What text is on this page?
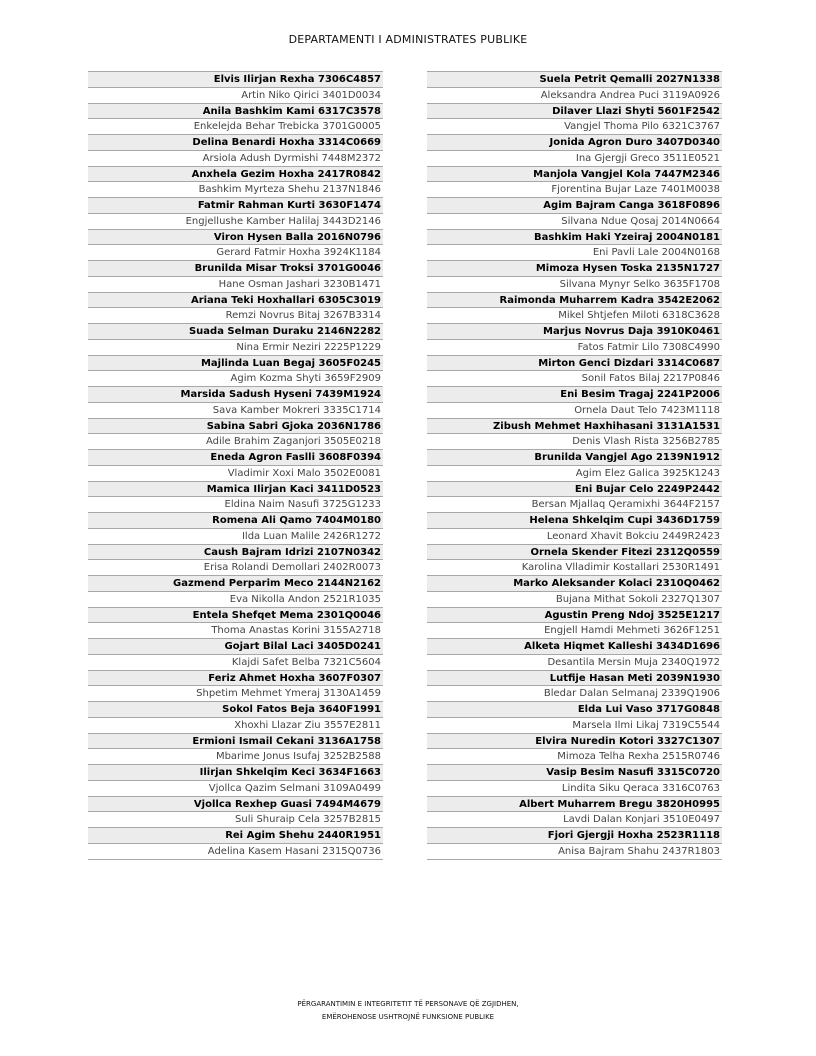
DEPARTAMENTI I ADMINISTRATES PUBLIKE
Elvis Ilirjan Rexha 7306C4857
Artin Niko Qirici 3401D0034
Anila Bashkim Kami 6317C3578
Enkelejda Behar Trebicka 3701G0005
Delina Benardi Hoxha 3314C0669
Arsiola Adush Dyrmishi 7448M2372
Anxhela Gezim Hoxha 2417R0842
Bashkim Myrteza Shehu 2137N1846
Fatmir Rahman Kurti 3630F1474
Engjellushe Kamber Halilaj 3443D2146
Viron Hysen Balla 2016N0796
Gerard Fatmir Hoxha 3924K1184
Brunilda Misar Troksi 3701G0046
Hane Osman Jashari 3230B1471
Ariana Teki Hoxhallari 6305C3019
Remzi Novrus Bitaj 3267B3314
Suada Selman Duraku 2146N2282
Nina Ermir Neziri 2225P1229
Majlinda Luan Begaj 3605F0245
Agim Kozma Shyti 3659F2909
Marsida Sadush Hyseni 7439M1924
Sava Kamber Mokreri 3335C1714
Sabina Sabri Gjoka 2036N1786
Adile Brahim Zaganjori 3505E0218
Eneda Agron Faslli 3608F0394
Vladimir Xoxi Malo 3502E0081
Mamica Ilirjan Kaci 3411D0523
Eldina Naim Nasufi 3725G1233
Romena Ali Qamo 7404M0180
Ilda Luan Malile 2426R1272
Caush Bajram Idrizi 2107N0342
Erisa Rolandi Demollari 2402R0073
Gazmend Perparim Meco 2144N2162
Eva Nikolla Andon 2521R1035
Entela Shefqet Mema 2301Q0046
Thoma Anastas Korini 3155A2718
Gojart Bilal Laci 3405D0241
Klajdi Safet Belba 7321C5604
Feriz Ahmet Hoxha 3607F0307
Shpetim Mehmet Ymeraj 3130A1459
Sokol Fatos Beja 3640F1991
Xhoxhi Llazar Ziu 3557E2811
Ermioni Ismail Cekani 3136A1758
Mbarime Jonus Isufaj 3252B2588
Ilirjan Shkelqim Keci 3634F1663
Vjollca Qazim Selmani 3109A0499
Vjollca Rexhep Guasi 7494M4679
Suli Shuraip Cela 3257B2815
Rei Agim Shehu 2440R1951
Adelina Kasem Hasani 2315Q0736
Suela Petrit Qemalli 2027N1338
Aleksandra Andrea Puci 3119A0926
Dilaver Llazi Shyti 5601F2542
Vangjel Thoma Pilo 6321C3767
Jonida Agron Duro 3407D0340
Ina Gjergji Greco 3511E0521
Manjola Vangjel Kola 7447M2346
Fjorentina Bujar Laze 7401M0038
Agim Bajram Canga 3618F0896
Silvana Ndue Qosaj 2014N0664
Bashkim Haki Yzeiraj 2004N0181
Eni Pavli Lale 2004N0168
Mimoza Hysen Toska 2135N1727
Silvana Mynyr Selko 3635F1708
Raimonda Muharrem Kadra 3542E2062
Mikel Shtjefen Miloti 6318C3628
Marjus Novrus Daja 3910K0461
Fatos Fatmir Lilo 7308C4990
Mirton Genci Dizdari 3314C0687
Sonil Fatos Bilaj 2217P0846
Eni Besim Tragaj 2241P2006
Ornela Daut Telo 7423M1118
Zibush Mehmet Haxhihasani 3131A1531
Denis Vlash Rista 3256B2785
Brunilda Vangjel Ago 2139N1912
Agim Elez Galica 3925K1243
Eni Bujar Celo 2249P2442
Bersan Mjallaq Qeramixhi 3644F2157
Helena Shkelqim Cupi 3436D1759
Leonard Xhavit Bokciu 2449R2423
Ornela Skender Fitezi 2312Q0559
Karolina Vlladimir Kostallari 2530R1491
Marko Aleksander Kolaci 2310Q0462
Bujana Mithat Sokoli 2327Q1307
Agustin Preng Ndoj 3525E1217
Engjell Hamdi Mehmeti 3626F1251
Alketa Hiqmet Kalleshi 3434D1696
Desantila Mersin Muja 2340Q1972
Lutfije Hasan Meti 2039N1930
Bledar Dalan Selmanaj 2339Q1906
Elda Lui Vaso 3717G0848
Marsela Ilmi Likaj 7319C5544
Elvira Nuredin Kotori 3327C1307
Mimoza Telha Rexha 2515R0746
Vasip Besim Nasufi 3315C0720
Lindita Siku Qeraca 3316C0763
Albert Muharrem Bregu 3820H0995
Lavdi Dalan Konjari 3510E0497
Fjori Gjergji Hoxha 2523R1118
Anisa Bajram Shahu 2437R1803
PËRGARANTIMIN E INTEGRITETIT TË PERSONAVE QË ZGJIDHEN,
EMËROHENOSE USHTROJNË FUNKSIONE PUBLIKE
